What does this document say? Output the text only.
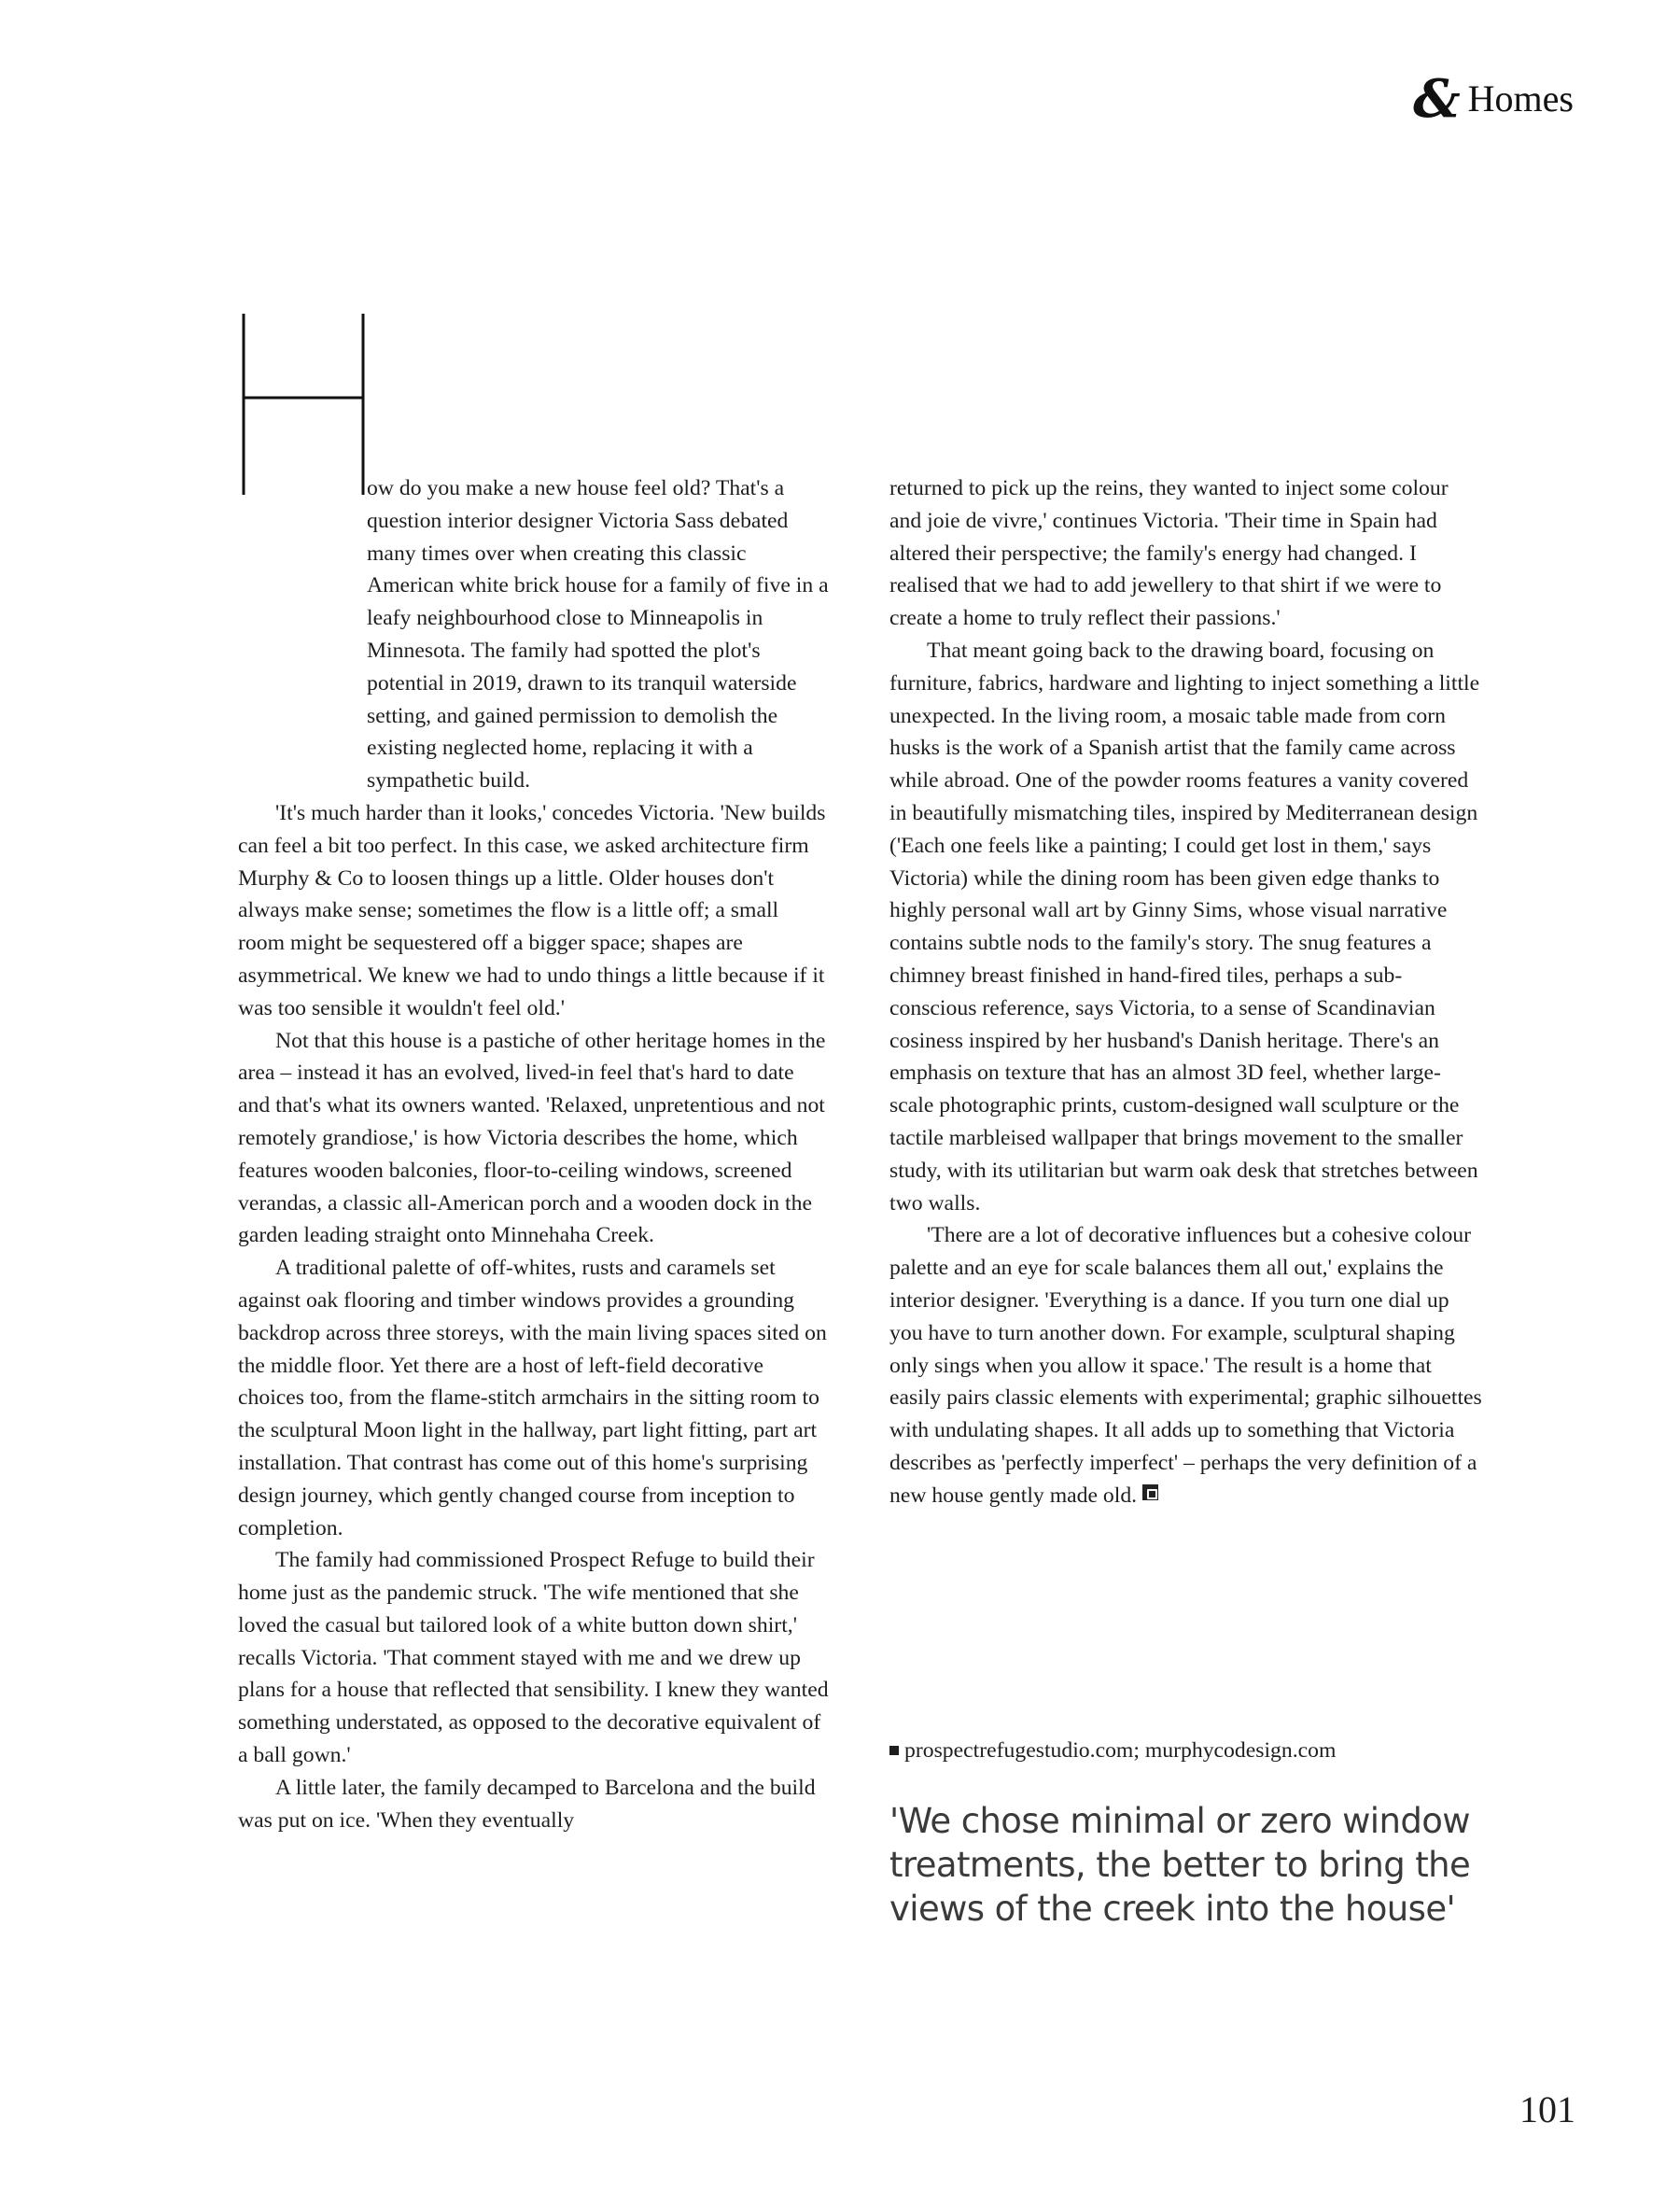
& Homes

ow do you make a new house feel old? That's a question interior designer Victoria Sass debated many times over when creating this classic American white brick house for a family of five in a leafy neighbourhood close to Minneapolis in Minnesota. The family had spotted the plot's potential in 2019, drawn to its tranquil waterside setting, and gained permission to demolish the existing neglected home, replacing it with a sympathetic build.

'It's much harder than it looks,' concedes Victoria. 'New builds can feel a bit too perfect. In this case, we asked architecture firm Murphy & Co to loosen things up a little. Older houses don't always make sense; sometimes the flow is a little off; a small room might be sequestered off a bigger space; shapes are asymmetrical. We knew we had to undo things a little because if it was too sensible it wouldn't feel old.'

Not that this house is a pastiche of other heritage homes in the area – instead it has an evolved, lived-in feel that's hard to date and that's what its owners wanted. 'Relaxed, unpretentious and not remotely grandiose,' is how Victoria describes the home, which features wooden balconies, floor-to-ceiling windows, screened verandas, a classic all-American porch and a wooden dock in the garden leading straight onto Minnehaha Creek.

A traditional palette of off-whites, rusts and caramels set against oak flooring and timber windows provides a grounding backdrop across three storeys, with the main living spaces sited on the middle floor. Yet there are a host of left-field decorative choices too, from the flame-stitch armchairs in the sitting room to the sculptural Moon light in the hallway, part light fitting, part art installation. That contrast has come out of this home's surprising design journey, which gently changed course from inception to completion.

The family had commissioned Prospect Refuge to build their home just as the pandemic struck. 'The wife mentioned that she loved the casual but tailored look of a white button down shirt,' recalls Victoria. 'That comment stayed with me and we drew up plans for a house that reflected that sensibility. I knew they wanted something understated, as opposed to the decorative equivalent of a ball gown.'

A little later, the family decamped to Barcelona and the build was put on ice. 'When they eventually

returned to pick up the reins, they wanted to inject some colour and joie de vivre,' continues Victoria. 'Their time in Spain had altered their perspective; the family's energy had changed. I realised that we had to add jewellery to that shirt if we were to create a home to truly reflect their passions.'

That meant going back to the drawing board, focusing on furniture, fabrics, hardware and lighting to inject something a little unexpected. In the living room, a mosaic table made from corn husks is the work of a Spanish artist that the family came across while abroad. One of the powder rooms features a vanity covered in beautifully mismatching tiles, inspired by Mediterranean design ('Each one feels like a painting; I could get lost in them,' says Victoria) while the dining room has been given edge thanks to highly personal wall art by Ginny Sims, whose visual narrative contains subtle nods to the family's story. The snug features a chimney breast finished in hand-fired tiles, perhaps a sub-conscious reference, says Victoria, to a sense of Scandinavian cosiness inspired by her husband's Danish heritage. There's an emphasis on texture that has an almost 3D feel, whether large-scale photographic prints, custom-designed wall sculpture or the tactile marbleised wallpaper that brings movement to the smaller study, with its utilitarian but warm oak desk that stretches between two walls.

'There are a lot of decorative influences but a cohesive colour palette and an eye for scale balances them all out,' explains the interior designer. 'Everything is a dance. If you turn one dial up you have to turn another down. For example, sculptural shaping only sings when you allow it space.' The result is a home that easily pairs classic elements with experimental; graphic silhouettes with undulating shapes. It all adds up to something that Victoria describes as 'perfectly imperfect' – perhaps the very definition of a new house gently made old.

prospectrefugestudio.com; murphycodesign.com
'We chose minimal or zero window treatments, the better to bring the views of the creek into the house'
101
